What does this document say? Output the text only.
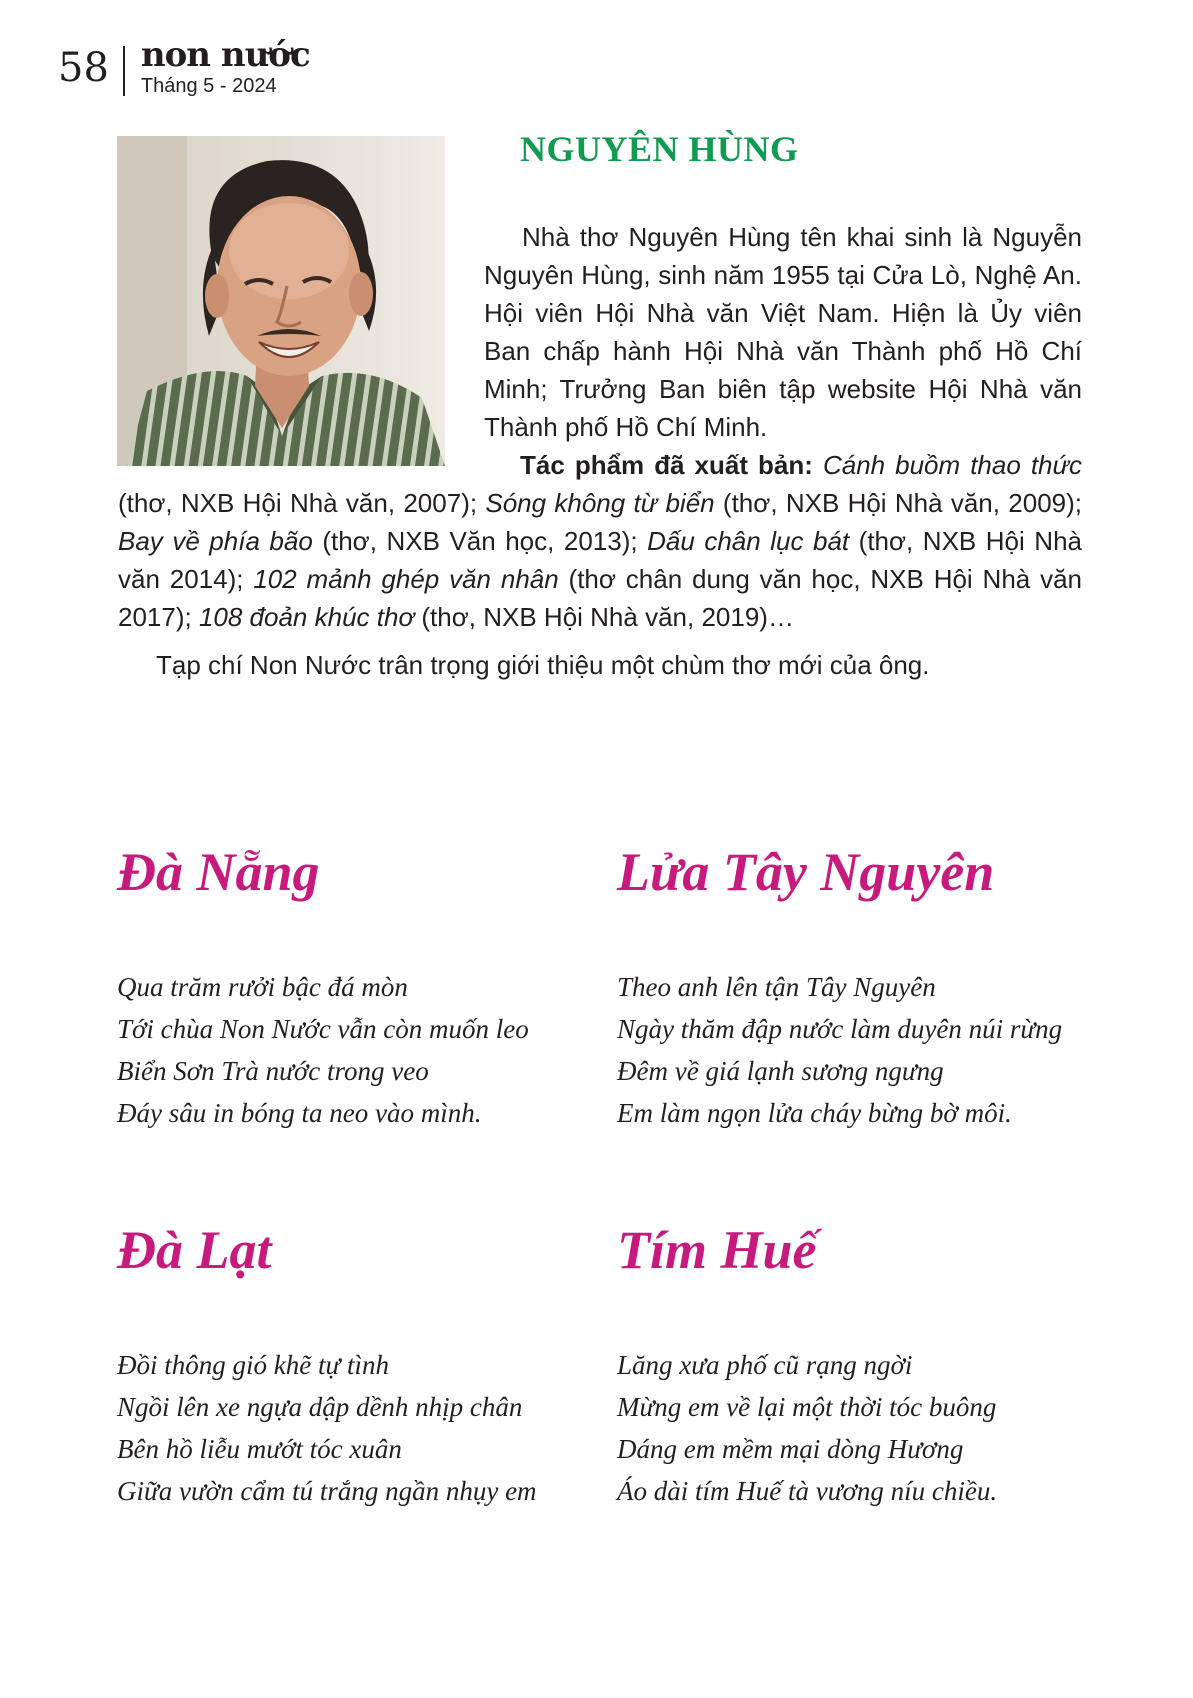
58 non nước
Tháng 5 - 2024
NGUYÊN HÙNG

Nhà thơ Nguyên Hùng tên khai sinh là Nguyễn Nguyên Hùng, sinh năm 1955 tại Cửa Lò, Nghệ An. Hội viên Hội Nhà văn Việt Nam. Hiện là Ủy viên Ban chấp hành Hội Nhà văn Thành phố Hồ Chí Minh; Trưởng Ban biên tập website Hội Nhà văn Thành phố Hồ Chí Minh.

Tác phẩm đã xuất bản: Cánh buồm thao thức (thơ, NXB Hội Nhà văn, 2007); Sóng không từ biển (thơ, NXB Hội Nhà văn, 2009); Bay về phía bão (thơ, NXB Văn học, 2013); Dấu chân lục bát (thơ, NXB Hội Nhà văn 2014); 102 mảnh ghép văn nhân (thơ chân dung văn học, NXB Hội Nhà văn 2017); 108 đoản khúc thơ (thơ, NXB Hội Nhà văn, 2019)…

Tạp chí Non Nước trân trọng giới thiệu một chùm thơ mới của ông.

Đà Nẵng
Qua trăm rưởi bậc đá mòn
Tới chùa Non Nước vẫn còn muốn leo
Biển Sơn Trà nước trong veo
Đáy sâu in bóng ta neo vào mình.
Lửa Tây Nguyên
Theo anh lên tận Tây Nguyên
Ngày thăm đập nước làm duyên núi rừng
Đêm về giá lạnh sương ngưng
Em làm ngọn lửa cháy bừng bờ môi.
Đà Lạt
Đồi thông gió khẽ tự tình
Ngồi lên xe ngựa dập dềnh nhịp chân
Bên hồ liễu mướt tóc xuân
Giữa vườn cẩm tú trắng ngần nhụy em
Tím Huế
Lăng xưa phố cũ rạng ngời
Mừng em về lại một thời tóc buông
Dáng em mềm mại dòng Hương
Áo dài tím Huế tà vương níu chiều.
